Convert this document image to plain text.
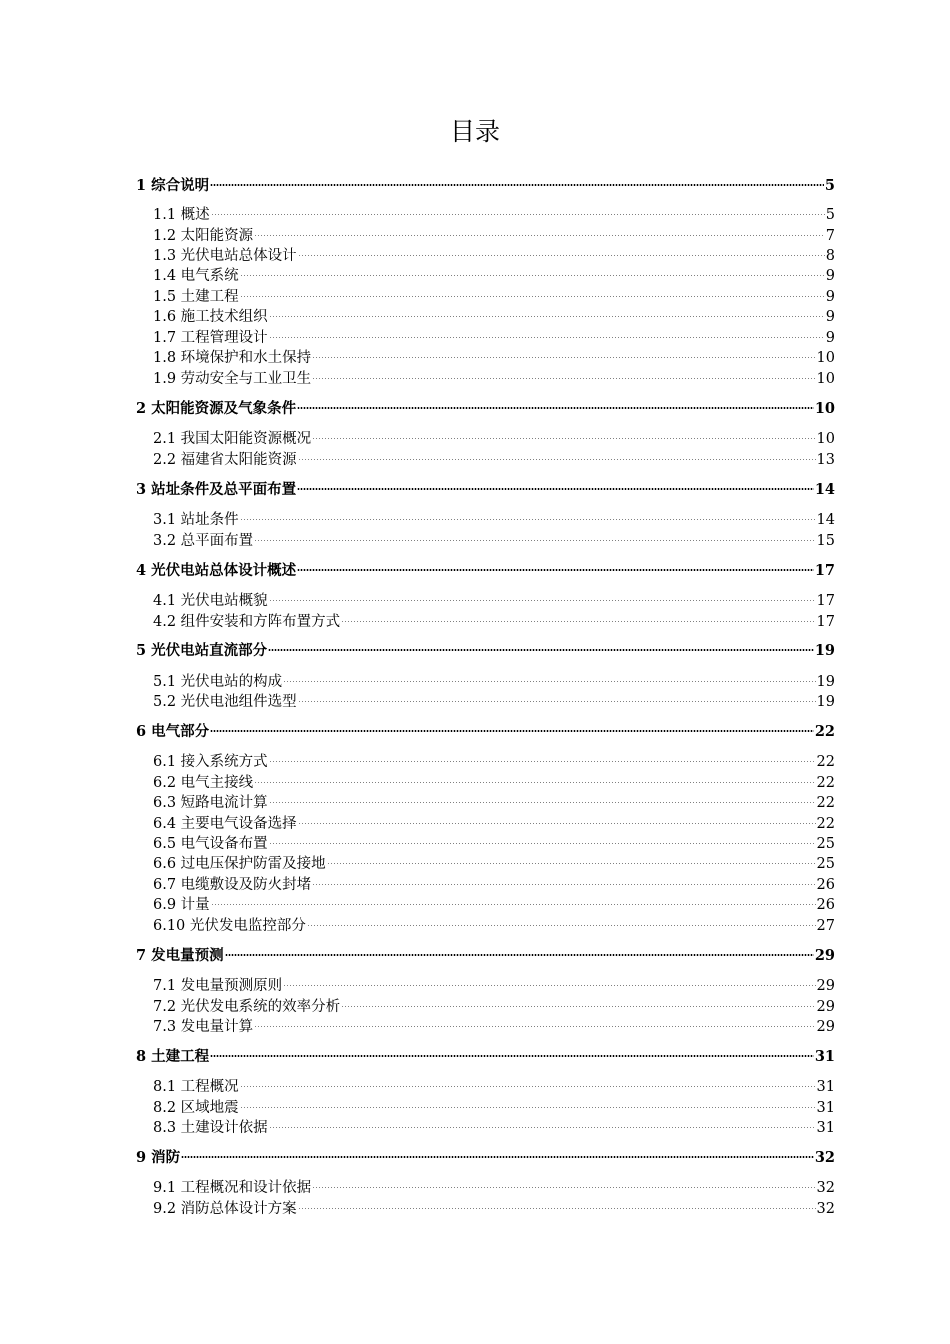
目录
1 综合说明	5
1.1 概述	5
1.2 太阳能资源	7
1.3 光伏电站总体设计	8
1.4 电气系统	9
1.5 土建工程	9
1.6 施工技术组织	9
1.7 工程管理设计	9
1.8 环境保护和水土保持	10
1.9 劳动安全与工业卫生	10
2 太阳能资源及气象条件	10
2.1 我国太阳能资源概况	10
2.2 福建省太阳能资源	13
3 站址条件及总平面布置	14
3.1 站址条件	14
3.2 总平面布置	15
4 光伏电站总体设计概述	17
4.1 光伏电站概貌	17
4.2 组件安装和方阵布置方式	17
5 光伏电站直流部分	19
5.1 光伏电站的构成	19
5.2 光伏电池组件选型	19
6 电气部分	22
6.1 接入系统方式	22
6.2 电气主接线	22
6.3 短路电流计算	22
6.4 主要电气设备选择	22
6.5 电气设备布置	25
6.6 过电压保护防雷及接地	25
6.7 电缆敷设及防火封堵	26
6.9 计量	26
6.10 光伏发电监控部分	27
7 发电量预测	29
7.1 发电量预测原则	29
7.2 光伏发电系统的效率分析	29
7.3 发电量计算	29
8 土建工程	31
8.1 工程概况	31
8.2 区域地震	31
8.3 土建设计依据	31
9 消防	32
9.1 工程概况和设计依据	32
9.2 消防总体设计方案	32
